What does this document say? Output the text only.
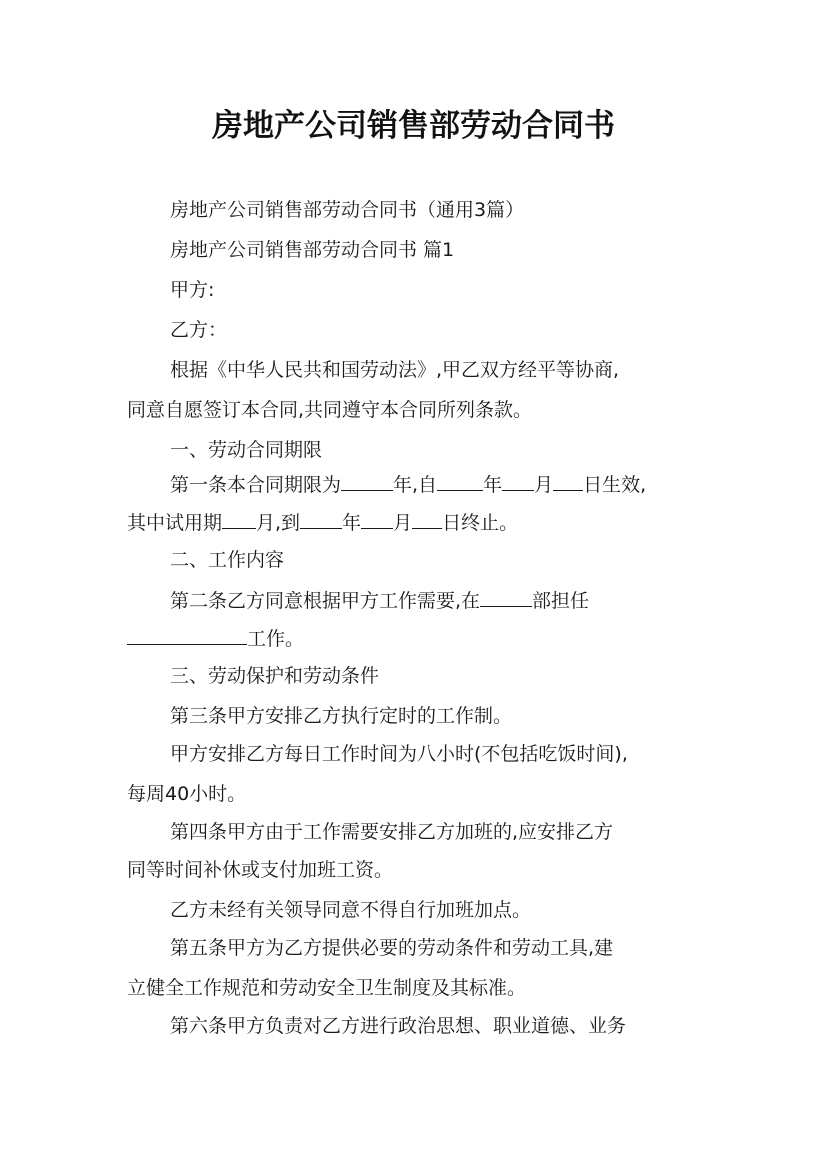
房地产公司销售部劳动合同书
房地产公司销售部劳动合同书（通用3篇）
房地产公司销售部劳动合同书 篇1
甲方:
乙方：
根据《中华人民共和国劳动法》,甲乙双方经平等协商,
同意自愿签订本合同,共同遵守本合同所列条款。
一、劳动合同期限
第一条本合同期限为	年,自 年 月 日生效,
其中试用期 月,到 年 月 日终止。
二、工作内容
第二条乙方同意根据甲方工作需要,在	部担任
工作。
三、劳动保护和劳动条件
第三条甲方安排乙方执行定时的工作制。
甲方安排乙方每日工作时间为八小时(不包括吃饭时间),
每周40小时。
第四条甲方由于工作需要安排乙方加班的,应安排乙方
同等时间补休或支付加班工资。
乙方未经有关领导同意不得自行加班加点。
第五条甲方为乙方提供必要的劳动条件和劳动工具,建
立健全工作规范和劳动安全卫生制度及其标准。
第六条甲方负责对乙方进行政治思想、职业道德、业务
